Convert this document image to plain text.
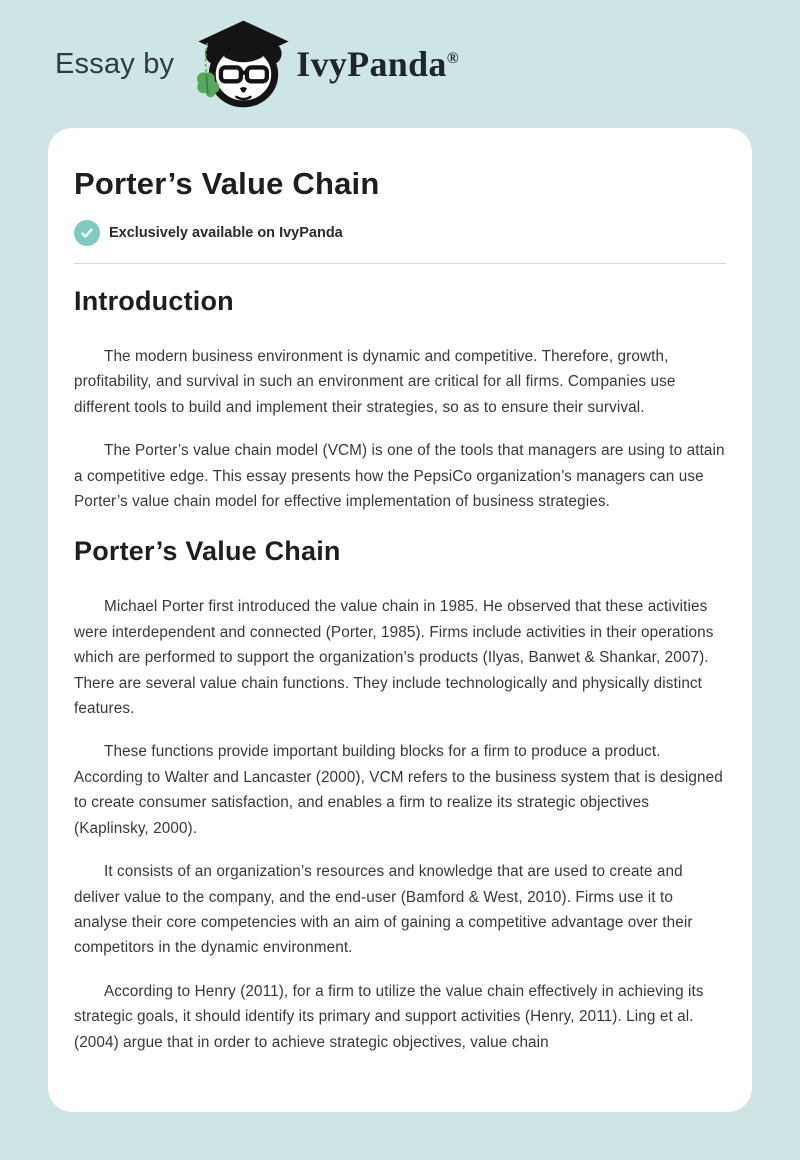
Essay by	IvyPanda®
Porter’s Value Chain
Exclusively available on IvyPanda
Introduction

The modern business environment is dynamic and competitive. Therefore, growth, profitability, and survival in such an environment are critical for all firms. Companies use different tools to build and implement their strategies, so as to ensure their survival.

The Porter’s value chain model (VCM) is one of the tools that managers are using to attain a competitive edge. This essay presents how the PepsiCo organization’s managers can use Porter’s value chain model for effective implementation of business strategies.

Porter’s Value Chain

Michael Porter first introduced the value chain in 1985. He observed that these activities were interdependent and connected (Porter, 1985). Firms include activities in their operations which are performed to support the organization’s products (Ilyas, Banwet & Shankar, 2007). There are several value chain functions. They include technologically and physically distinct features.

These functions provide important building blocks for a firm to produce a product. According to Walter and Lancaster (2000), VCM refers to the business system that is designed to create consumer satisfaction, and enables a firm to realize its strategic objectives (Kaplinsky, 2000).

It consists of an organization’s resources and knowledge that are used to create and deliver value to the company, and the end-user (Bamford & West, 2010). Firms use it to analyse their core competencies with an aim of gaining a competitive advantage over their competitors in the dynamic environment.

According to Henry (2011), for a firm to utilize the value chain effectively in achieving its strategic goals, it should identify its primary and support activities (Henry, 2011). Ling et al. (2004) argue that in order to achieve strategic objectives, value chain
